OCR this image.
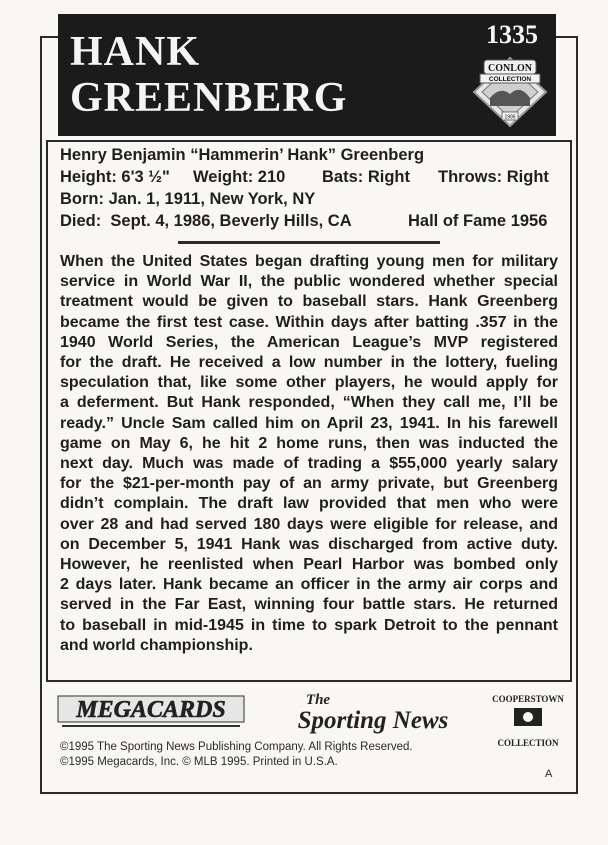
HANK
GREENBERG
1335
CONLON
COLLECTION
1995
Henry Benjamin “Hammerin’ Hank” Greenberg
Height: 6'3 ½" Weight: 210 Bats: Right Throws: Right
Born: Jan. 1, 1911, New York, NY
Died:  Sept. 4, 1986, Beverly Hills, CA	Hall of Fame 1956
When the United States began drafting young men for military
service in World War II, the public wondered whether special
treatment would be given to baseball stars. Hank Greenberg
became the first test case. Within days after batting .357 in the
1940 World Series, the American League’s MVP registered
for the draft. He received a low number in the lottery, fueling
speculation that, like some other players, he would apply for
a deferment. But Hank responded, “When they call me, I’ll be
ready.” Uncle Sam called him on April 23, 1941. In his farewell
game on May 6, he hit 2 home runs, then was inducted the
next day. Much was made of trading a $55,000 yearly salary
for the $21-per-month pay of an army private, but Greenberg
didn’t complain. The draft law provided that men who were
over 28 and had served 180 days were eligible for release, and
on December 5, 1941 Hank was discharged from active duty.
However, he reenlisted when Pearl Harbor was bombed only
2 days later. Hank became an officer in the army air corps and
served in the Far East, winning four battle stars. He returned
to baseball in mid-1945 in time to spark Detroit to the pennant
and world championship.
MEGACARDS	The
Sporting News
COOPERSTOWN
COLLECTION
©1995 The Sporting News Publishing Company. All Rights Reserved.
©1995 Megacards, Inc. © MLB 1995. Printed in U.S.A.
A
